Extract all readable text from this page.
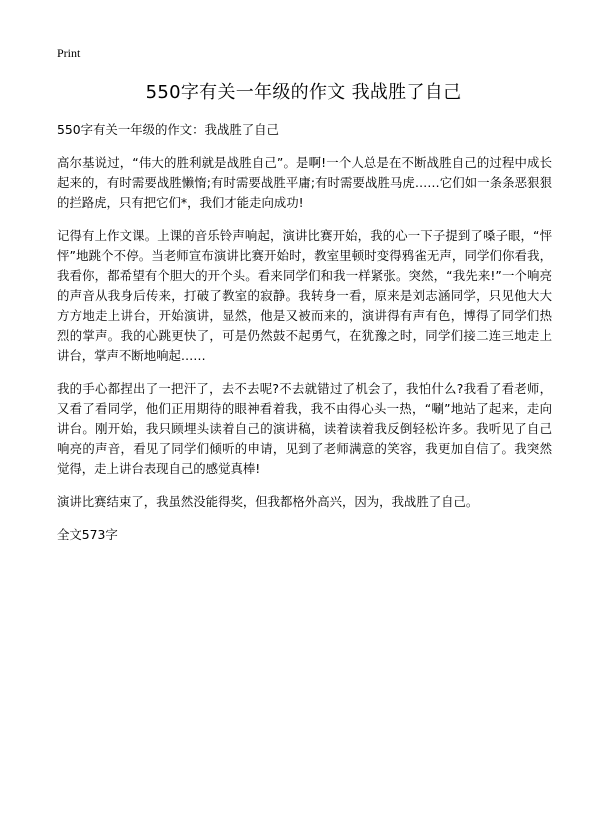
Print
550字有关一年级的作文 我战胜了自己

550字有关一年级的作文：我战胜了自己

高尔基说过，“伟大的胜利就是战胜自己”。是啊!一个人总是在不断战胜自己的过程中成长起来的，有时需要战胜懒惰;有时需要战胜平庸;有时需要战胜马虎……它们如一条条恶狠狠的拦路虎，只有把它们*，我们才能走向成功!

记得有上作文课。上课的音乐铃声响起，演讲比赛开始，我的心一下子提到了嗓子眼，“怦怦”地跳个不停。当老师宣布演讲比赛开始时，教室里顿时变得鸦雀无声，同学们你看我，我看你，都希望有个胆大的开个头。看来同学们和我一样紧张。突然，“我先来!”一个响亮的声音从我身后传来，打破了教室的寂静。我转身一看，原来是刘志涵同学，只见他大大方方地走上讲台，开始演讲，显然，他是又被而来的，演讲得有声有色，博得了同学们热烈的掌声。我的心跳更快了，可是仍然鼓不起勇气，在犹豫之时，同学们接二连三地走上讲台，掌声不断地响起……

我的手心都捏出了一把汗了，去不去呢?不去就错过了机会了，我怕什么?我看了看老师，又看了看同学，他们正用期待的眼神看着我，我不由得心头一热，“唰”地站了起来，走向讲台。刚开始，我只顾埋头读着自己的演讲稿，读着读着我反倒轻松许多。我听见了自己响亮的声音，看见了同学们倾听的申请，见到了老师满意的笑容，我更加自信了。我突然觉得，走上讲台表现自己的感觉真棒!

演讲比赛结束了，我虽然没能得奖，但我都格外高兴，因为，我战胜了自己。

全文573字
